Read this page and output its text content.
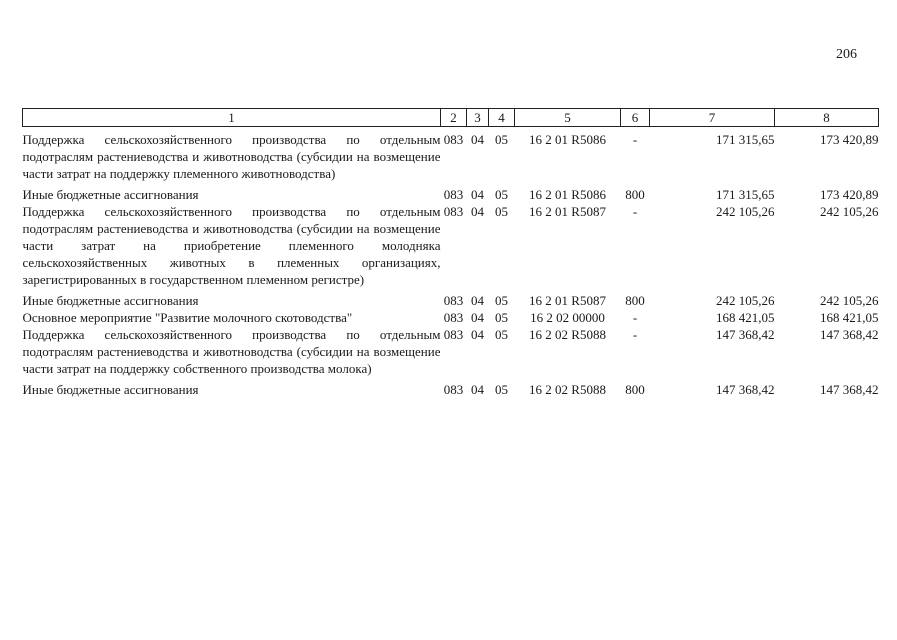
206
1	2	3	4	5	6	7	8
Поддержка сельскохозяйственного производства по отдельным подотраслям растениеводства и животноводства (субсидии на возмещение части затрат на поддержку племенного животноводства)	083	04	05	16 2 01 R5086	-	171 315,65	173 420,89
Иные бюджетные ассигнования	083	04	05	16 2 01 R5086	800	171 315,65	173 420,89
Поддержка сельскохозяйственного производства по отдельным подотраслям растениеводства и животноводства (субсидии на возмещение части затрат на приобретение племенного молодняка сельскохозяйственных животных в племенных организациях, зарегистрированных в государственном племенном регистре)	083	04	05	16 2 01 R5087	-	242 105,26	242 105,26
Иные бюджетные ассигнования	083	04	05	16 2 01 R5087	800	242 105,26	242 105,26
Основное мероприятие "Развитие молочного скотоводства"	083	04	05	16 2 02 00000	-	168 421,05	168 421,05
Поддержка сельскохозяйственного производства по отдельным подотраслям растениеводства и животноводства (субсидии на возмещение части затрат на поддержку собственного производства молока)	083	04	05	16 2 02 R5088	-	147 368,42	147 368,42
Иные бюджетные ассигнования	083	04	05	16 2 02 R5088	800	147 368,42	147 368,42
